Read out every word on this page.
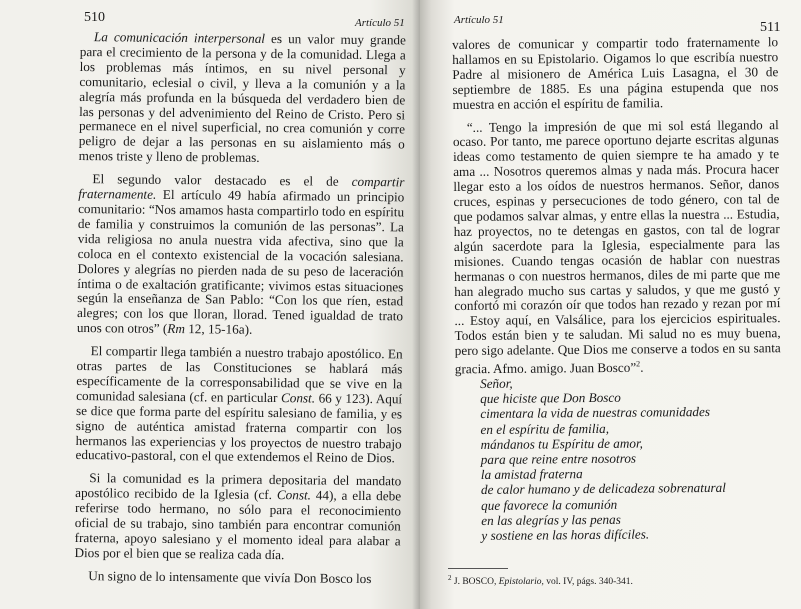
510	Artículo 51

La comunicación interpersonal es un valor muy grande para el crecimiento de la persona y de la comunidad. Llega a los problemas más íntimos, en su nivel personal y comunitario, eclesial o civil, y lleva a la comunión y a la alegría más profunda en la búsqueda del verdadero bien de las personas y del advenimiento del Reino de Cristo. Pero si permanece en el nivel superficial, no crea comunión y corre peligro de dejar a las personas en su aislamiento más o menos triste y lleno de problemas.

El segundo valor destacado es el de compartir fraternamente. El artículo 49 había afirmado un principio comunitario: “Nos amamos hasta compartirlo todo en espíritu de familia y construimos la comunión de las personas”. La vida religiosa no anula nuestra vida afectiva, sino que la coloca en el contexto existencial de la vocación salesiana. Dolores y alegrías no pierden nada de su peso de laceración íntima o de exaltación gratificante; vivimos estas situaciones según la enseñanza de San Pablo: “Con los que ríen, estad alegres; con los que lloran, llorad. Tened igualdad de trato unos con otros” (Rm 12, 15-16a).

El compartir llega también a nuestro trabajo apostólico. En otras partes de las Constituciones se hablará más específicamente de la corresponsabilidad que se vive en la comunidad salesiana (cf. en particular Const. 66 y 123). Aquí se dice que forma parte del espíritu salesiano de familia, y es signo de auténtica amistad fraterna compartir con los hermanos las experiencias y los proyectos de nuestro trabajo educativo-pastoral, con el que extendemos el Reino de Dios.

Si la comunidad es la primera depositaria del mandato apostólico recibido de la Iglesia (cf. Const. 44), a ella debe referirse todo hermano, no sólo para el reconocimiento oficial de su trabajo, sino también para encontrar comunión fraterna, apoyo salesiano y el momento ideal para alabar a Dios por el bien que se realiza cada día.

Un signo de lo intensamente que vivía Don Bosco los

Artículo 51	511

valores de comunicar y compartir todo fraternamente lo hallamos en su Epistolario. Oigamos lo que escribía nuestro Padre al misionero de América Luis Lasagna, el 30 de septiembre de 1885. Es una página estupenda que nos muestra en acción el espíritu de familia.

“... Tengo la impresión de que mi sol está llegando al ocaso. Por tanto, me parece oportuno dejarte escritas algunas ideas como testamento de quien siempre te ha amado y te ama ... Nosotros queremos almas y nada más. Procura hacer llegar esto a los oídos de nuestros hermanos. Señor, danos cruces, espinas y persecuciones de todo género, con tal de que podamos salvar almas, y entre ellas la nuestra ... Estudia, haz proyectos, no te detengas en gastos, con tal de lograr algún sacerdote para la Iglesia, especialmente para las misiones. Cuando tengas ocasión de hablar con nuestras hermanas o con nuestros hermanos, diles de mi parte que me han alegrado mucho sus cartas y saludos, y que me gustó y confortó mi corazón oír que todos han rezado y rezan por mí ... Estoy aquí, en Valsálice, para los ejercicios espirituales. Todos están bien y te saludan. Mi salud no es muy buena, pero sigo adelante. Que Dios me conserve a todos en su santa gracia. Afmo. amigo. Juan Bosco”$^2$.

Señor,
que hiciste que Don Bosco
cimentara la vida de nuestras comunidades
en el espíritu de familia,
mándanos tu Espíritu de amor,
para que reine entre nosotros
la amistad fraterna
de calor humano y de delicadeza sobrenatural
que favorece la comunión
en las alegrías y las penas
y sostiene en las horas difíciles.
$^2$ J. BOSCO, Epistolario, vol. IV, págs. 340-341.
